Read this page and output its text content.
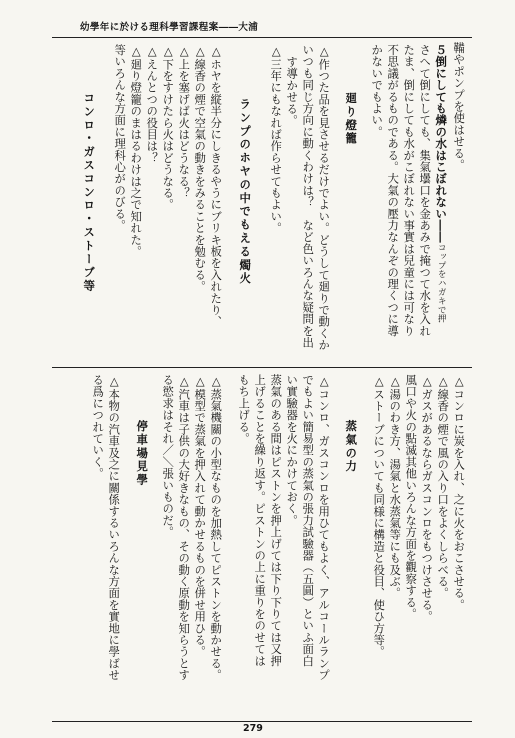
幼學年に於ける理科學習課程案――大浦
鞴やポンプを使はせる。
５倒にしても燐の水はこぼれない――コップをハガキで押
さへて倒にしても、集氣壜口を金あみで掩つて水を入れ
たま、倒にしても水がこぼれない事實は兒童には可なり
不思議がるものである。大氣の壓力なんぞの理くつに導
かないでもよい。
廻り燈籠
△作つた品を見させるだけでよい。どうして廻りで動くか
いつも同じ方向に動くわけは？　など色いろんな疑問を出
す導かせる。
△三年にもなれば作らせてもよい。
ランプのホヤの中でもえる燭火
△ホヤを縦半分にしきるやうにブリキ板を入れたり、
△線香の煙で空氣の動きをみることを勉むる。
△上を塞げば火はどうなる？
△下をすけたら火はどうなる。
△えんとつの役目は？
△廻り燈籠のまはるわけは之で知れた。
等いろんな方面に理科心がのびる。
コンロ・ガスコンロ・ストーブ等
△コンロに炭を入れ、之に火をおこさせる。
△線香の煙で風の入り口をよくしらべる。
△ガスがあるならガスコンロをもつけさせる。
風口や火の點滅其他いろんな方面を觀察する。
△湯のわき方、湯氣と水蒸氣等にも及ぶ。
△ストーブについても同様に構造と役目、使ひ方等。
蒸氣の力
△コンロ、ガスコンロを用ひてもよく、アルコールランプ
でもよい簡易型の蒸氣の張力試驗器（五圓）といふ面白
い實驗器を火にかけておく。
蒸氣のある間はピストンを押上げては下り下りては又押
上げることを繰り返す。ピストンの上に重りをのせては
もち上げる。
△蒸氣機關の小型なものを加熱してピストンを動かせる。
△模型で蒸氣を押入れて動かせるものを併せ用ひる。
△汽車は子供の大好きなもの、その動く原動を知らうとす
る慾求はそれ／＼張いものだ。
停車場見學
△本物の汽車及之に關係するいろんな方面を實地に學ばせ
る爲につれていく。
279
